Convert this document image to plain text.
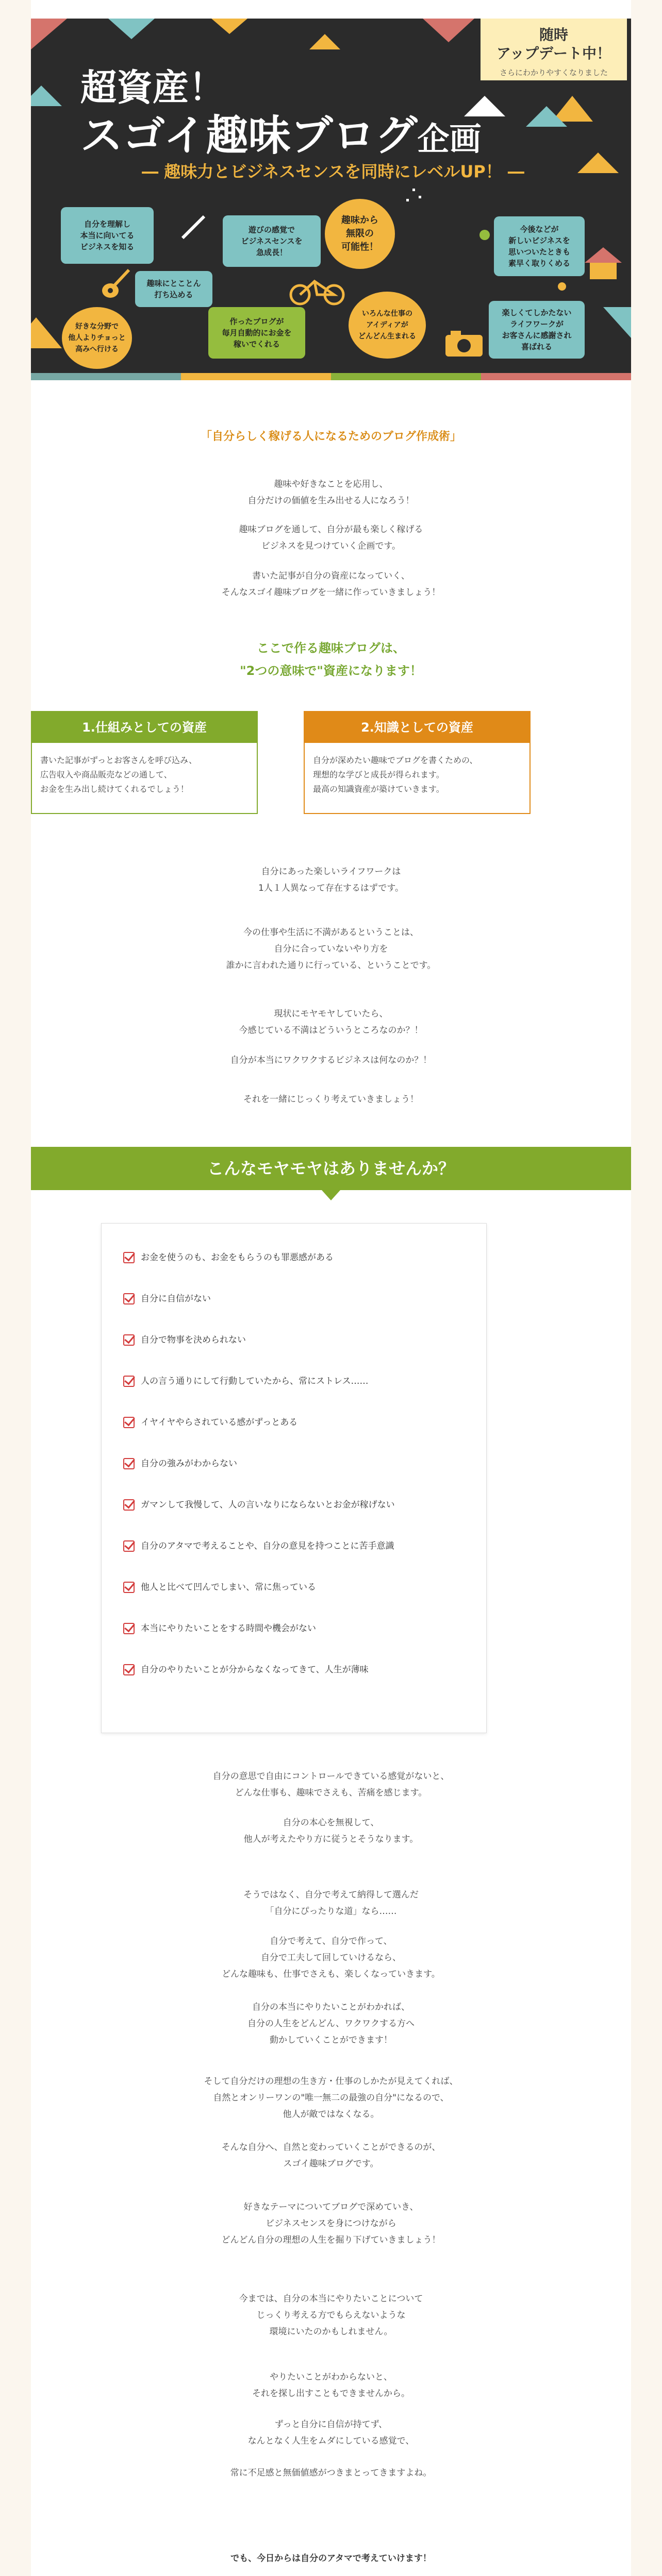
随時
アップデート中！
さらにわかりやすくなりました
超資産！
スゴイ趣味ブログ企画
― 趣味力とビジネスセンスを同時にレベルUP！ ―
自分を理解し
本当に向いてる
ビジネスを知る
遊びの感覚で
ビジネスセンスを
急成長！
趣味から
無限の
可能性！
今後などが
新しいビジネスを
思いついたときも
素早く取りくめる
趣味にとことん
打ち込める
好きな分野で
他人よりチョっと
高みへ行ける
作ったブログが
毎月自動的にお金を
稼いでくれる
いろんな仕事の
アイディアが
どんどん生まれる
楽しくてしかたない
ライフワークが
お客さんに感謝され
喜ばれる
「自分らしく稼げる人になるためのブログ作成術」
趣味や好きなことを応用し、
自分だけの価値を生み出せる人になろう！
趣味ブログを通して、自分が最も楽しく稼げる
ビジネスを見つけていく企画です。
書いた記事が自分の資産になっていく、
そんなスゴイ趣味ブログを一緒に作っていきましょう！
ここで作る趣味ブログは、
"2つの意味で"資産になります！
1.仕組みとしての資産
書いた記事がずっとお客さんを呼び込み、
広告収入や商品販売などの通して、
お金を生み出し続けてくれるでしょう！
2.知識としての資産
自分が深めたい趣味でブログを書くための、
理想的な学びと成長が得られます。
最高の知識資産が築けていきます。
自分にあった楽しいライフワークは
1人１人異なって存在するはずです。
今の仕事や生活に不満があるということは、
自分に合っていないやり方を
誰かに言われた通りに行っている、ということです。
現状にモヤモヤしていたら、
今感じている不満はどういうところなのか？！
自分が本当にワクワクするビジネスは何なのか？！
それを一緒にじっくり考えていきましょう！
こんなモヤモヤはありませんか？
お金を使うのも、お金をもらうのも罪悪感がある
自分に自信がない
自分で物事を決められない
人の言う通りにして行動していたから、常にストレス……
イヤイヤやらされている感がずっとある
自分の強みがわからない
ガマンして我慢して、人の言いなりにならないとお金が稼げない
自分のアタマで考えることや、自分の意見を持つことに苦手意識
他人と比べて凹んでしまい、常に焦っている
本当にやりたいことをする時間や機会がない
自分のやりたいことが分からなくなってきて、人生が薄味
自分の意思で自由にコントロールできている感覚がないと、
どんな仕事も、趣味でさえも、苦痛を感じます。
自分の本心を無視して、
他人が考えたやり方に従うとそうなります。
そうではなく、自分で考えて納得して選んだ
「自分にぴったりな道」なら……
自分で考えて、自分で作って、
自分で工夫して回していけるなら、
どんな趣味も、仕事でさえも、楽しくなっていきます。
自分の本当にやりたいことがわかれば、
自分の人生をどんどん、ワクワクする方へ
動かしていくことができます！
そして自分だけの理想の生き方・仕事のしかたが見えてくれば、
自然とオンリーワンの"唯一無二の最強の自分"になるので、
他人が敵ではなくなる。
そんな自分へ、自然と変わっていくことができるのが、
スゴイ趣味ブログです。
好きなテーマについてブログで深めていき、
ビジネスセンスを身につけながら
どんどん自分の理想の人生を掘り下げていきましょう！
今までは、自分の本当にやりたいことについて
じっくり考える方でもらえないような
環境にいたのかもしれません。
やりたいことがわからないと、
それを探し出すこともできませんから。
ずっと自分に自信が持てず、
なんとなく人生をムダにしている感覚で、
常に不足感と無価値感がつきまとってきますよね。
でも、今日からは自分のアタマで考えていけます！
